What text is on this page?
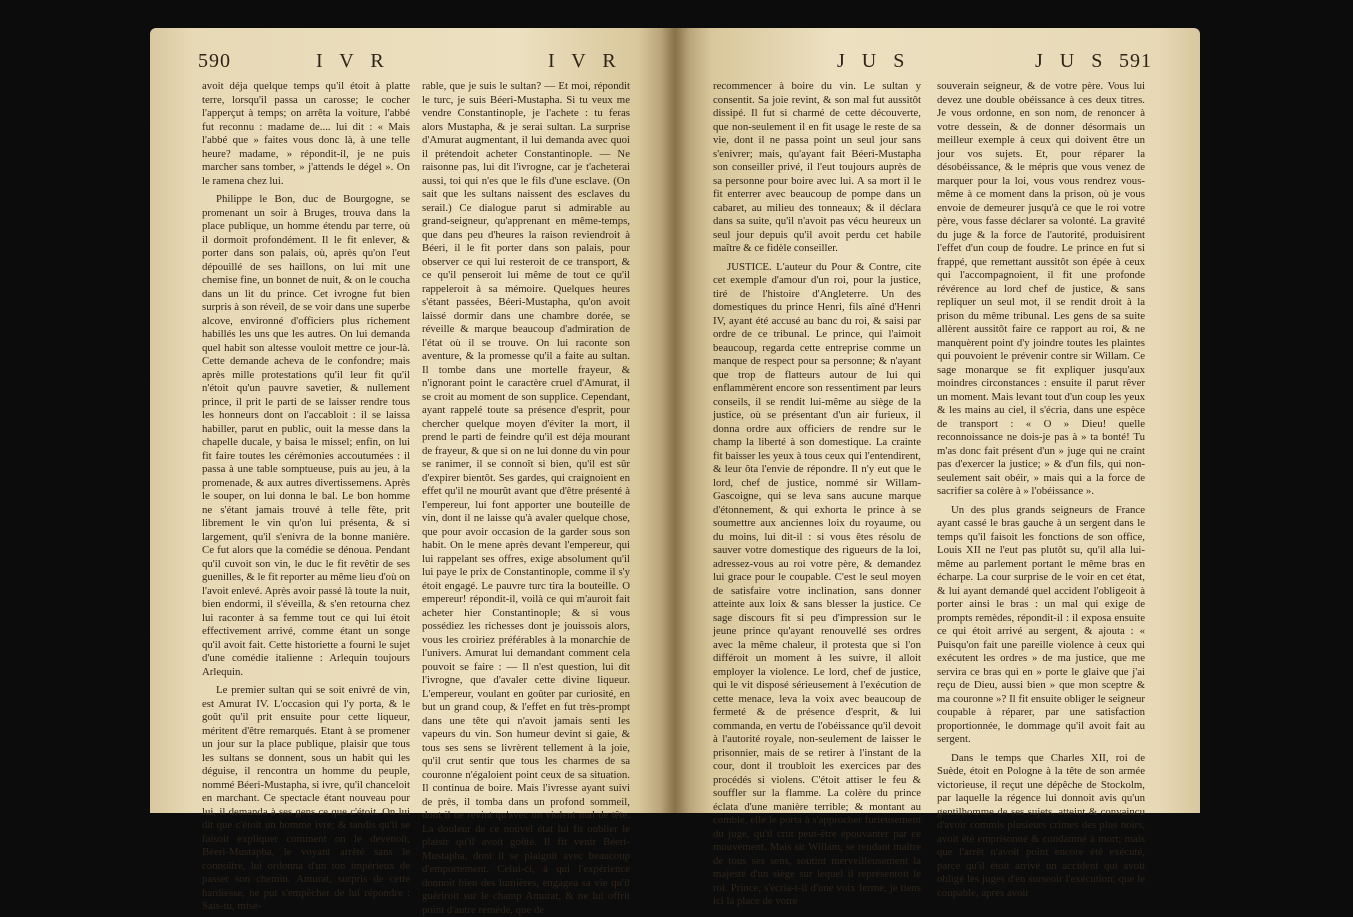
590	I V R	I V R

avoit déja quelque temps qu'il étoit à platte terre, lorsqu'il passa un carosse; le cocher l'apperçut à temps; on arrêta la voiture, l'abbé fut reconnu : madame de.... lui dit : « Mais l'abbé que » faites vous donc là, à une telle heure? madame, » répondit-il, je ne puis marcher sans tomber, » j'attends le dégel ». On le ramena chez lui.

Philippe le Bon, duc de Bourgogne, se promenant un soir à Bruges, trouva dans la place publique, un homme étendu par terre, où il dormoit profondément. Il le fit enlever, & porter dans son palais, où, après qu'on l'eut dépouillé de ses haillons, on lui mit une chemise fine, un bonnet de nuit, & on le coucha dans un lit du prince. Cet ivrogne fut bien surpris à son réveil, de se voir dans une superbe alcove, environné d'officiers plus richement habillés les uns que les autres. On lui demanda quel habit son altesse vouloit mettre ce jour-là. Cette demande acheva de le confondre; mais après mille protestations qu'il leur fit qu'il n'étoit qu'un pauvre savetier, & nullement prince, il prit le parti de se laisser rendre tous les honneurs dont on l'accabloit : il se laissa habiller, parut en public, ouit la messe dans la chapelle ducale, y baisa le missel; enfin, on lui fit faire toutes les cérémonies accoutumées : il passa à une table somptueuse, puis au jeu, à la promenade, & aux autres divertissemens. Après le souper, on lui donna le bal. Le bon homme ne s'étant jamais trouvé à telle fête, prit librement le vin qu'on lui présenta, & si largement, qu'il s'enivra de la bonne manière. Ce fut alors que la comédie se dénoua. Pendant qu'il cuvoit son vin, le duc le fit revêtir de ses guenilles, & le fit reporter au même lieu d'où on l'avoit enlevé. Après avoir passé là toute la nuit, bien endormi, il s'éveilla, & s'en retourna chez lui raconter à sa femme tout ce qui lui étoit effectivement arrivé, comme étant un songe qu'il avoit fait. Cette historiette a fourni le sujet d'une comédie italienne : Arlequin toujours Arlequin.

Le premier sultan qui se soit enivré de vin, est Amurat IV. L'occasion qui l'y porta, & le goût qu'il prit ensuite pour cette liqueur, méritent d'être remarqués. Etant à se promener un jour sur la place publique, plaisir que tous les sultans se donnent, sous un habit qui les déguise, il rencontra un homme du peuple, nommé Béeri-Mustapha, si ivre, qu'il chanceloit en marchant. Ce spectacle étant nouveau pour lui, il demanda à ses gens ce que c'étoit. On lui dit que c'étoit un homme ivre; & tandis qu'il se faisoit expliquer comment on le devenoit, Béeri-Mustapha, le voyant arrêté sans le connoître, lui ordonna d'un ton impérieux de passer son chemin. Amurat, surpris de cette hardiesse, ne put s'empêcher de lui répondre : Sais-tu, misé-

rable, que je suis le sultan? — Et moi, répondit le turc, je suis Béeri-Mustapha. Si tu veux me vendre Constantinople, je l'achete : tu feras alors Mustapha, & je serai sultan. La surprise d'Amurat augmentant, il lui demanda avec quoi il prétendoit acheter Constantinople. — Ne raisonne pas, lui dit l'ivrogne, car je t'acheterai aussi, toi qui n'es que le fils d'une esclave. (On sait que les sultans naissent des esclaves du serail.) Ce dialogue parut si admirable au grand-seigneur, qu'apprenant en même-temps, que dans peu d'heures la raison reviendroit à Béeri, il le fit porter dans son palais, pour observer ce qui lui resteroit de ce transport, & ce qu'il penseroit lui même de tout ce qu'il rappeleroit à sa mémoire. Quelques heures s'étant passées, Béeri-Mustapha, qu'on avoit laissé dormir dans une chambre dorée, se réveille & marque beaucoup d'admiration de l'état où il se trouve. On lui raconte son aventure, & la promesse qu'il a faite au sultan. Il tombe dans une mortelle frayeur, & n'ignorant point le caractère cruel d'Amurat, il se croit au moment de son supplice. Cependant, ayant rappelé toute sa présence d'esprit, pour chercher quelque moyen d'éviter la mort, il prend le parti de feindre qu'il est déja mourant de frayeur, & que si on ne lui donne du vin pour se ranimer, il se connoît si bien, qu'il est sûr d'expirer bientôt. Ses gardes, qui craignoient en effet qu'il ne mourût avant que d'être présenté à l'empereur, lui font apporter une bouteille de vin, dont il ne laisse qu'à avaler quelque chose, que pour avoir occasion de la garder sous son habit. On le mene après devant l'empereur, qui lui rappelant ses offres, exige absolument qu'il lui paye le prix de Constantinople, comme il s'y étoit engagé. Le pauvre turc tira la bouteille. O empereur! répondit-il, voilà ce qui m'auroit fait acheter hier Constantinople; & si vous possédiez les richesses dont je jouissois alors, vous les croiriez préférables à la monarchie de l'univers. Amurat lui demandant comment cela pouvoit se faire : — Il n'est question, lui dit l'ivrogne, que d'avaler cette divine liqueur. L'empereur, voulant en goûter par curiosité, en but un grand coup, & l'effet en fut très-prompt dans une tête qui n'avoit jamais senti les vapeurs du vin. Son humeur devint si gaie, & tous ses sens se livrèrent tellement à la joie, qu'il crut sentir que tous les charmes de sa couronne n'égaloient point ceux de sa situation. Il continua de boire. Mais l'ivresse ayant suivi de près, il tomba dans un profond sommeil, dont il ne revint qu'avec un violent mal de tête. La douleur de ce nouvel état lui fit oublier le plaisir qu'il avoit goûté. Il fit venir Béeri-Mustapha, dont il se plaignit avec beaucoup d'emportement. Celui-ci, à qui l'expérience donnoit bien des lumières, engagea sa vie qu'il guériroit sur le champ Amurat, & ne lui offrit point d'autre remède, que de

J U S	J U S 591

recommencer à boire du vin. Le sultan y consentit. Sa joie revint, & son mal fut aussitôt dissipé. Il fut si charmé de cette découverte, que non-seulement il en fit usage le reste de sa vie, dont il ne passa point un seul jour sans s'enivrer; mais, qu'ayant fait Béeri-Mustapha son conseiller privé, il l'eut toujours auprès de sa personne pour boire avec lui. A sa mort il le fit enterrer avec beaucoup de pompe dans un cabaret, au milieu des tonneaux; & il déclara dans sa suite, qu'il n'avoit pas vécu heureux un seul jour depuis qu'il avoit perdu cet habile maître & ce fidèle conseiller.

JUSTICE. L'auteur du Pour & Contre, cite cet exemple d'amour d'un roi, pour la justice, tiré de l'histoire d'Angleterre. Un des domestiques du prince Henri, fils aîné d'Henri IV, ayant été accusé au banc du roi, & saisi par ordre de ce tribunal. Le prince, qui l'aimoit beaucoup, regarda cette entreprise comme un manque de respect pour sa personne; & n'ayant que trop de flatteurs autour de lui qui enflammèrent encore son ressentiment par leurs conseils, il se rendit lui-même au siège de la justice, où se présentant d'un air furieux, il donna ordre aux officiers de rendre sur le champ la liberté à son domestique. La crainte fit baisser les yeux à tous ceux qui l'entendirent, & leur ôta l'envie de répondre. Il n'y eut que le lord, chef de justice, nommé sir Willam-Gascoigne, qui se leva sans aucune marque d'étonnement, & qui exhorta le prince à se soumettre aux anciennes loix du royaume, ou du moins, lui dit-il : si vous êtes résolu de sauver votre domestique des rigueurs de la loi, adressez-vous au roi votre père, & demandez lui grace pour le coupable. C'est le seul moyen de satisfaire votre inclination, sans donner atteinte aux loix & sans blesser la justice. Ce sage discours fit si peu d'impression sur le jeune prince qu'ayant renouvellé ses ordres avec la même chaleur, il protesta que si l'on différoit un moment à les suivre, il alloit employer la violence. Le lord, chef de justice, qui le vit disposé sérieusement à l'exécution de cette menace, leva la voix avec beaucoup de fermeté & de présence d'esprit, & lui commanda, en vertu de l'obéissance qu'il devoit à l'autorité royale, non-seulement de laisser le prisonnier, mais de se retirer à l'instant de la cour, dont il troubloit les exercices par des procédés si violens. C'étoit attiser le feu & souffler sur la flamme. La colère du prince éclata d'une manière terrible; & montant au comble, elle le porta à s'approcher furieusement du juge, qu'il crut peut-être épouvanter par ce mouvement. Mais sir Willam, se rendant maître de tous ses sens, soutint merveilleusement la majesté d'un siège sur lequel il représentoit le roi. Prince, s'écria-t-il d'une voix ferme, je tiens ici la place de votre

souverain seigneur, & de votre père. Vous lui devez une double obéissance à ces deux titres. Je vous ordonne, en son nom, de renoncer à votre dessein, & de donner désormais un meilleur exemple à ceux qui doivent être un jour vos sujets. Et, pour réparer la désobéissance, & le mépris que vous venez de marquer pour la loi, vous vous rendrez vous-même à ce moment dans la prison, où je vous envoie de demeurer jusqu'à ce que le roi votre père, vous fasse déclarer sa volonté. La gravité du juge & la force de l'autorité, produisirent l'effet d'un coup de foudre. Le prince en fut si frappé, que remettant aussitôt son épée à ceux qui l'accompagnoient, il fit une profonde révérence au lord chef de justice, & sans repliquer un seul mot, il se rendit droit à la prison du même tribunal. Les gens de sa suite allèrent aussitôt faire ce rapport au roi, & ne manquèrent point d'y joindre toutes les plaintes qui pouvoient le prévenir contre sir Willam. Ce sage monarque se fit expliquer jusqu'aux moindres circonstances : ensuite il parut rêver un moment. Mais levant tout d'un coup les yeux & les mains au ciel, il s'écria, dans une espèce de transport : « O » Dieu! quelle reconnoissance ne dois-je pas à » ta bonté! Tu m'as donc fait présent d'un » juge qui ne craint pas d'exercer la justice; » & d'un fils, qui non-seulement sait obéir, » mais qui a la force de sacrifier sa colère à » l'obéissance ».

Un des plus grands seigneurs de France ayant cassé le bras gauche à un sergent dans le temps qu'il faisoit les fonctions de son office, Louis XII ne l'eut pas plutôt su, qu'il alla lui-même au parlement portant le même bras en écharpe. La cour surprise de le voir en cet état, & lui ayant demandé quel accident l'obligeoit à porter ainsi le bras : un mal qui exige de prompts remèdes, répondit-il : il exposa ensuite ce qui étoit arrivé au sergent, & ajouta : « Puisqu'on fait une pareille violence à ceux qui exécutent les ordres » de ma justice, que me servira ce bras qui en » porte le glaive que j'ai reçu de Dieu, aussi bien » que mon sceptre & ma couronne »? Il fit ensuite obliger le seigneur coupable à réparer, par une satisfaction proportionnée, le dommage qu'il avoit fait au sergent.

Dans le temps que Charles XII, roi de Suède, étoit en Pologne à la tête de son armée victorieuse, il reçut une dépêche de Stockolm, par laquelle la régence lui donnoit avis qu'un gentilhomme de ses sujets, atteint & convaincu d'avoir commis plusieurs crimes des plus noirs, avoit été emprisonné & condamné à mort; mais que l'arrêt n'avoit point encore été exécuté, parce qu'il étoit arrivé un accident qui avoit obligé les juges d'en surseoir l'exécution; que le coupable, après avoir
